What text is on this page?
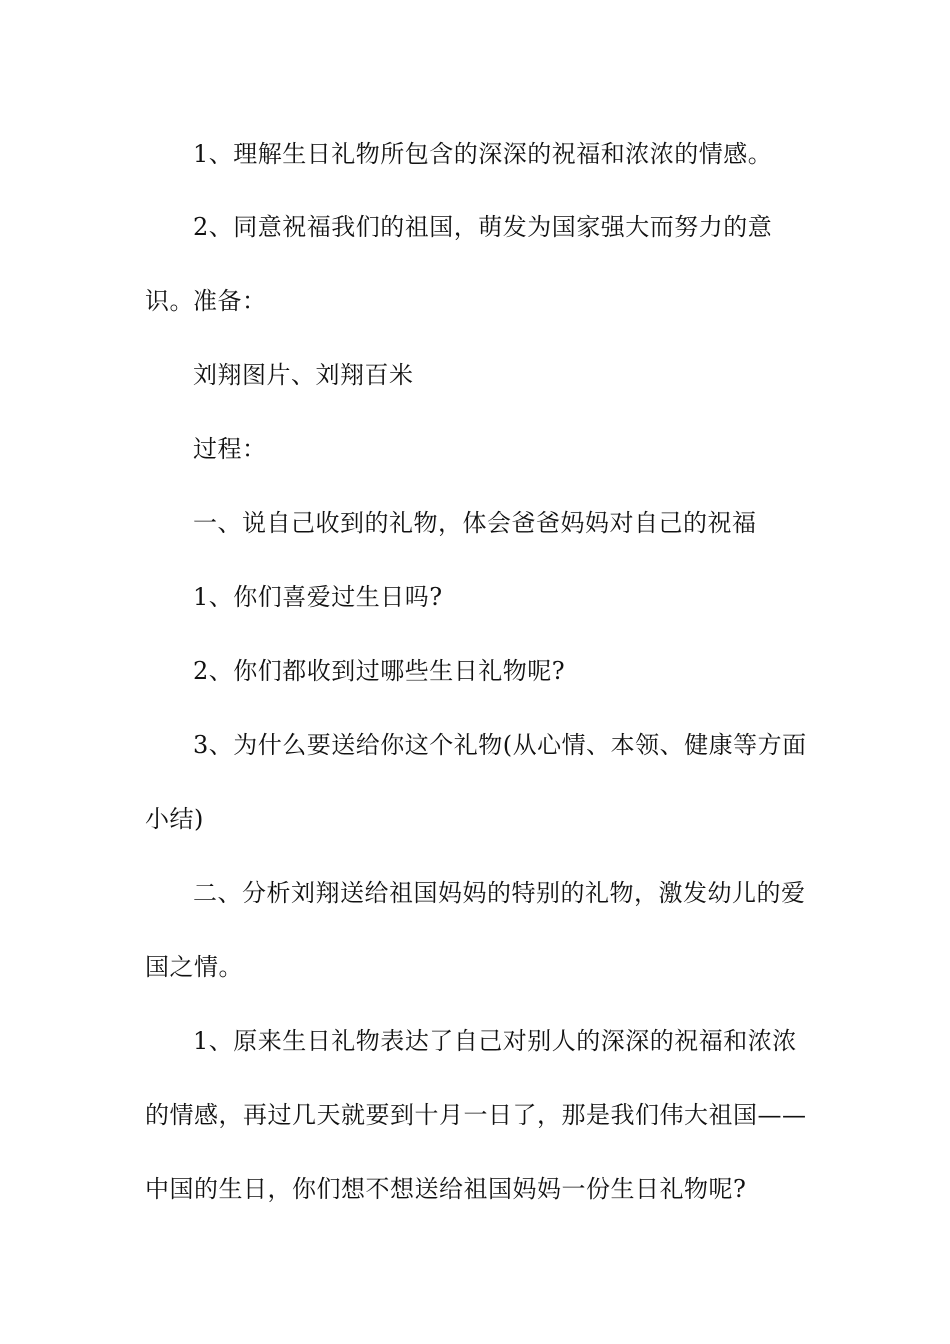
1、理解生日礼物所包含的深深的祝福和浓浓的情感。

2、同意祝福我们的祖国，萌发为国家强大而努力的意识。 准备：

刘翔图片、刘翔百米

过程：

一、说自己收到的礼物，体会爸爸妈妈对自己的祝福

1、你们喜爱过生日吗?

2、你们都收到过哪些生日礼物呢?

3、为什么要送给你这个礼物(从心情、本领、健康等方面小结)

二、分析刘翔送给祖国妈妈的特别的礼物，激发幼儿的爱国之情。

1、原来生日礼物表达了自己对别人的深深的祝福和浓浓的情感，再过几天就要到十月一日了，那是我们伟大祖国——中国的生日，你们想不想送给祖国妈妈一份生日礼物呢?
